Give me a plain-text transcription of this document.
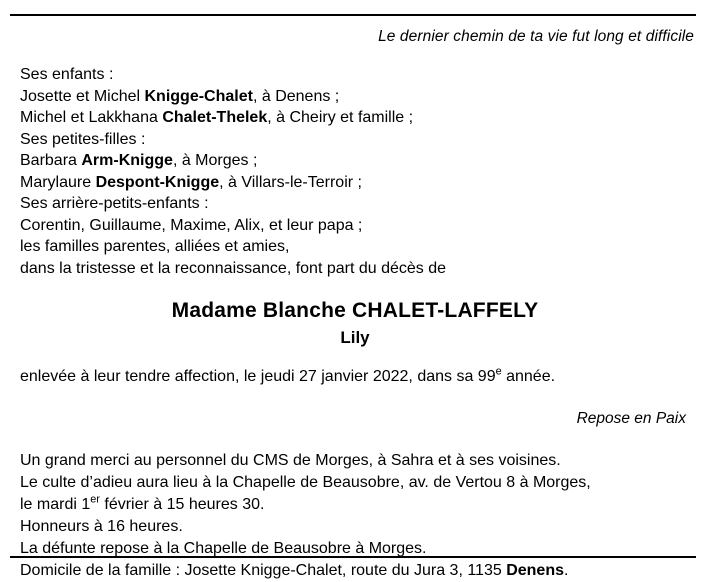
Le dernier chemin de ta vie fut long et difficile
Ses enfants :
Josette et Michel Knigge-Chalet, à Denens ;
Michel et Lakkhana Chalet-Thelek, à Cheiry et famille ;
Ses petites-filles :
Barbara Arm-Knigge, à Morges ;
Marylaure Despont-Knigge, à Villars-le-Terroir ;
Ses arrière-petits-enfants :
Corentin, Guillaume, Maxime, Alix, et leur papa ;
les familles parentes, alliées et amies,
dans la tristesse et la reconnaissance, font part du décès de
Madame Blanche CHALET-LAFFELY
Lily
enlevée à leur tendre affection, le jeudi 27 janvier 2022, dans sa 99e année.
Repose en Paix
Un grand merci au personnel du CMS de Morges, à Sahra et à ses voisines.
Le culte d’adieu aura lieu à la Chapelle de Beausobre, av. de Vertou 8 à Morges,
le mardi 1er février à 15 heures 30.
Honneurs à 16 heures.
La défunte repose à la Chapelle de Beausobre à Morges.
Domicile de la famille : Josette Knigge-Chalet, route du Jura 3, 1135 Denens.
